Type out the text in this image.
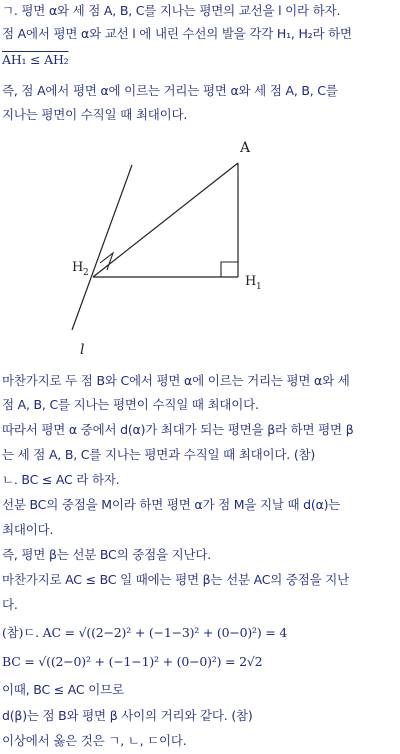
ㄱ. 평면 α와 세 점 A, B, C를 지나는 평면의 교선을 l 이라 하자.
점 A에서 평면 α와 교선 l 에 내린 수선의 발을 각각 H₁, H₂라 하면
AH₁ ≤ AH₂
즉, 점 A에서 평면 α에 이르는 거리는 평면 α와 세 점 A, B, C를
지나는 평면이 수직일 때 최대이다.
A
H 1
H 2
l
마찬가지로 두 점 B와 C에서 평면 α에 이르는 거리는 평면 α와 세
점 A, B, C를 지나는 평면이 수직일 때 최대이다.
따라서 평면 α 중에서 d(α)가 최대가 되는 평면을 β라 하면 평면 β
는 세 점 A, B, C를 지나는 평면과 수직일 때 최대이다. (참)
ㄴ. BC ≤ AC 라 하자.
선분 BC의 중점을 M이라 하면 평면 α가 점 M을 지날 때 d(α)는
최대이다.
즉, 평면 β는 선분 BC의 중점을 지난다.
마찬가지로 AC ≤ BC 일 때에는 평면 β는 선분 AC의 중점을 지난
다.
(참)ㄷ. AC = √((2−2)² + (−1−3)² + (0−0)²) = 4
BC = √((2−0)² + (−1−1)² + (0−0)²) = 2√2
이때, BC ≤ AC 이므로
d(β)는 점 B와 평면 β 사이의 거리와 같다. (참)
이상에서 옳은 것은 ㄱ, ㄴ, ㄷ이다.
